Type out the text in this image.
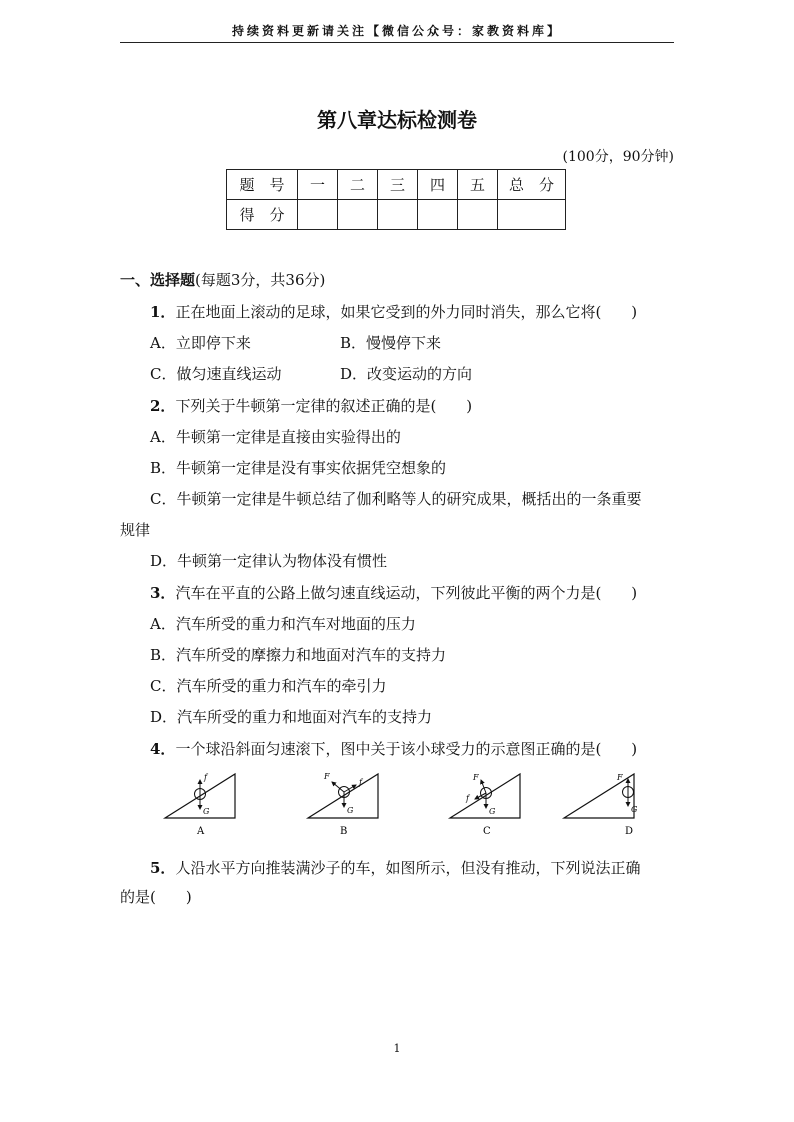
持续资料更新请关注【微信公众号：家教资料库】
第八章达标检测卷
(100分，90分钟)
题　号	一	二	三	四	五	总　分
得　分						
一、选择题(每题3分，共36分)
1．正在地面上滚动的足球，如果它受到的外力同时消失，那么它将(　　)
A．立即停下来	B．慢慢停下来
C．做匀速直线运动	D．改变运动的方向
2．下列关于牛顿第一定律的叙述正确的是(　　)
A．牛顿第一定律是直接由实验得出的
B．牛顿第一定律是没有事实依据凭空想象的
C．牛顿第一定律是牛顿总结了伽利略等人的研究成果，概括出的一条重要
规律
D．牛顿第一定律认为物体没有惯性
3．汽车在平直的公路上做匀速直线运动，下列彼此平衡的两个力是(　　)
A．汽车所受的重力和汽车对地面的压力
B．汽车所受的摩擦力和地面对汽车的支持力
C．汽车所受的重力和汽车的牵引力
D．汽车所受的重力和地面对汽车的支持力
4．一个球沿斜面匀速滚下，图中关于该小球受力的示意图正确的是(　　)
f
G
F
f
G
F
f
G
F
G
A	B	C	D
5．人沿水平方向推装满沙子的车，如图所示，但没有推动，下列说法正确
的是(　　)
1
